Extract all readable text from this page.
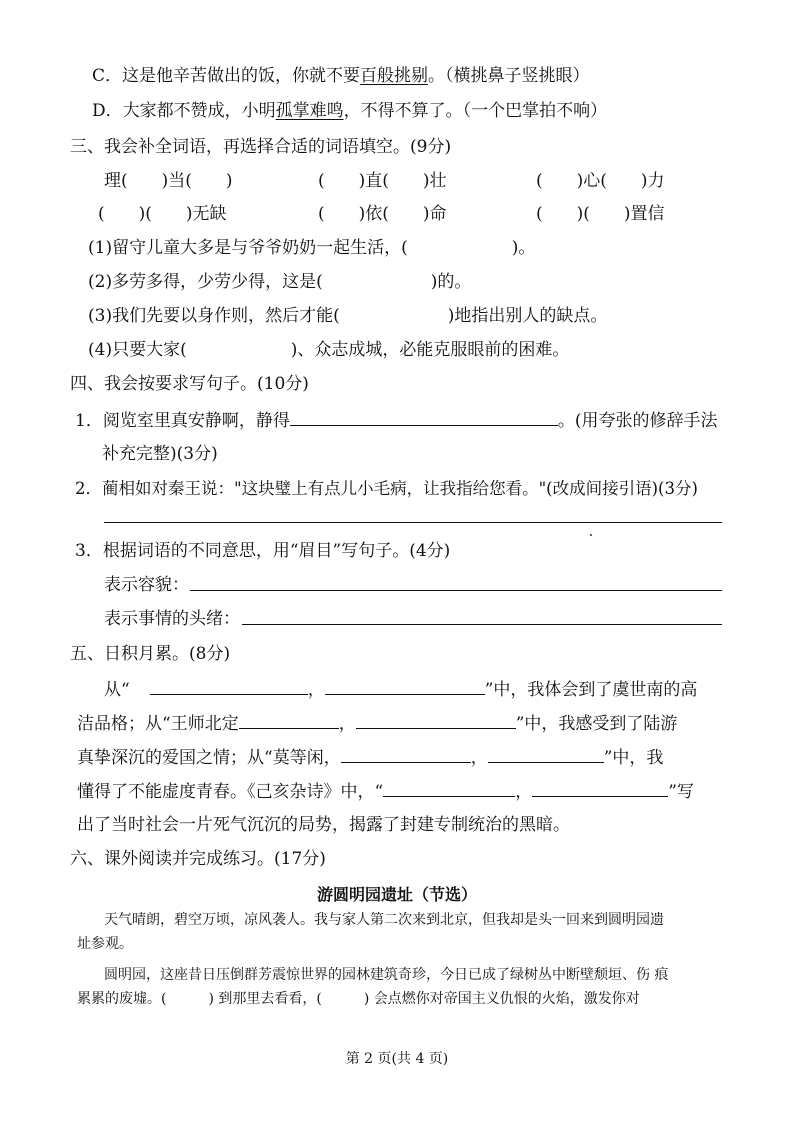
C．这是他辛苦做出的饭，你就不要百般挑剔。（横挑鼻子竖挑眼）
D．大家都不赞成，小明孤掌难鸣，不得不算了。（一个巴掌拍不响）
三、我会补全词语，再选择合适的词语填空。(9分)
理(　　)当(　　)	(　　)直(　　)壮	(　　)心(　　)力
(　　)(　　)无缺	(　　)依(　　)命	(　　)(　　)置信
(1)留守儿童大多是与爷爷奶奶一起生活，(	)。
(2)多劳多得，少劳少得，这是(	)的。
(3)我们先要以身作则，然后才能(	)地指出别人的缺点。
(4)只要大家(	)、众志成城，必能克服眼前的困难。
四、我会按要求写句子。(10分)
1．阅览室里真安静啊，静得	。(用夸张的修辞手法
补充完整)(3分)
2．蔺相如对秦王说："这块璧上有点儿小毛病，让我指给您看。"(改成间接引语)(3分)
3．根据词语的不同意思，用“眉目”写句子。(4分)
表示容貌：
表示事情的头绪：
五、日积月累。(8分)
从“	，	”中，我体会到了虞世南的高
洁品格；从“王师北定	，	”中，我感受到了陆游
真挚深沉的爱国之情；从“莫等闲，	，	”中，我
懂得了不能虚度青春。《己亥杂诗》中，“	，	”写
出了当时社会一片死气沉沉的局势，揭露了封建专制统治的黑暗。
六、课外阅读并完成练习。(17分)
游圆明园遗址（节选）
天气晴朗，碧空万顷，凉风袭人。我与家人第二次来到北京，但我却是头一回来到圆明园遗
址参观。
圆明园，这座昔日压倒群芳震惊世界的园林建筑奇珍，今日已成了绿树丛中断壁颓垣、伤 痕
累累的废墟。(　　　) 到那里去看看，(　　　) 会点燃你对帝国主义仇恨的火焰，激发你对
第 2 页(共 4 页)
